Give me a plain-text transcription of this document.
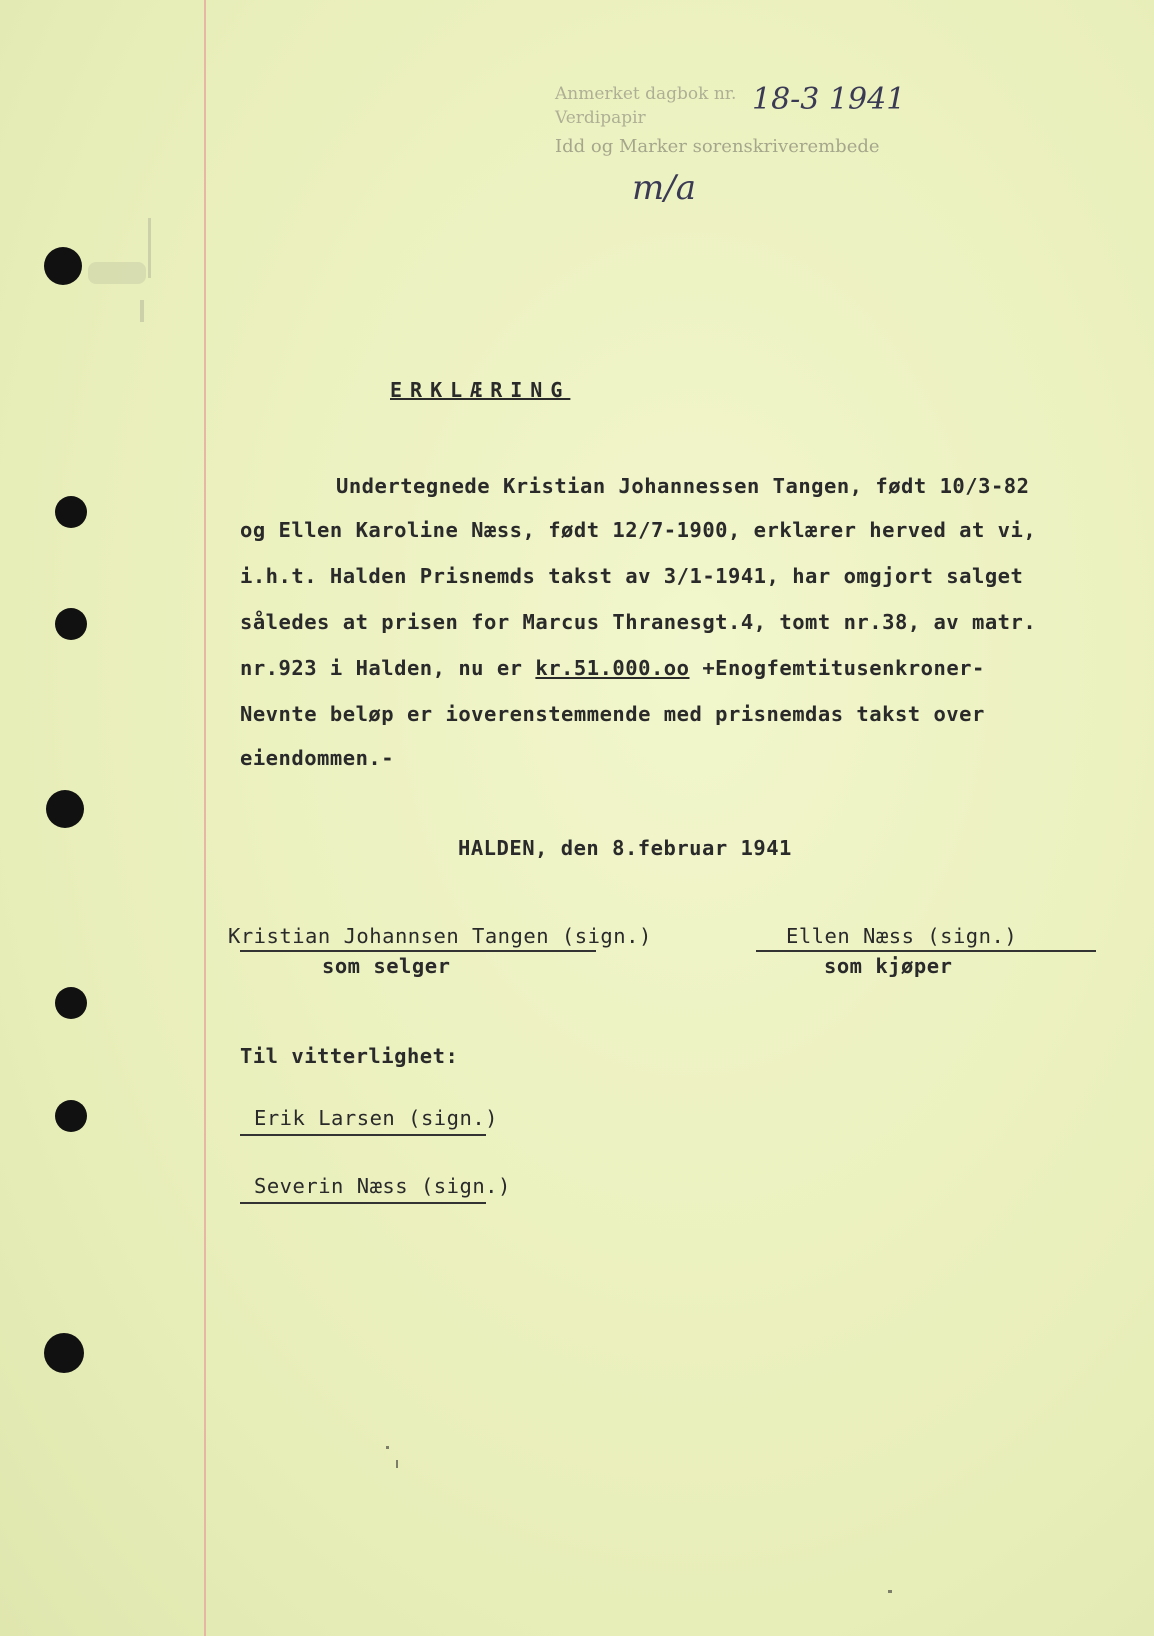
Anmerket dagbok nr.
Verdipapir
Idd og Marker sorenskriverembede
18-3 1941
m/a
ERKLÆRING
Undertegnede Kristian Johannessen Tangen, født 10/3-82
og Ellen Karoline Næss, født 12/7-1900, erklærer herved at vi,
i.h.t. Halden Prisnemds takst av 3/1-1941, har omgjort salget
således at prisen for Marcus Thranesgt.4, tomt nr.38, av matr.
nr.923 i Halden, nu er kr.51.000.oo +Enogfemtitusenkroner-
Nevnte beløp er ioverenstemmende med prisnemdas takst over
eiendommen.-
HALDEN, den 8.februar 1941
Kristian Johannsen Tangen (sign.)
som selger
Ellen Næss (sign.)
som kjøper
Til vitterlighet:
Erik Larsen (sign.)
Severin Næss (sign.)
